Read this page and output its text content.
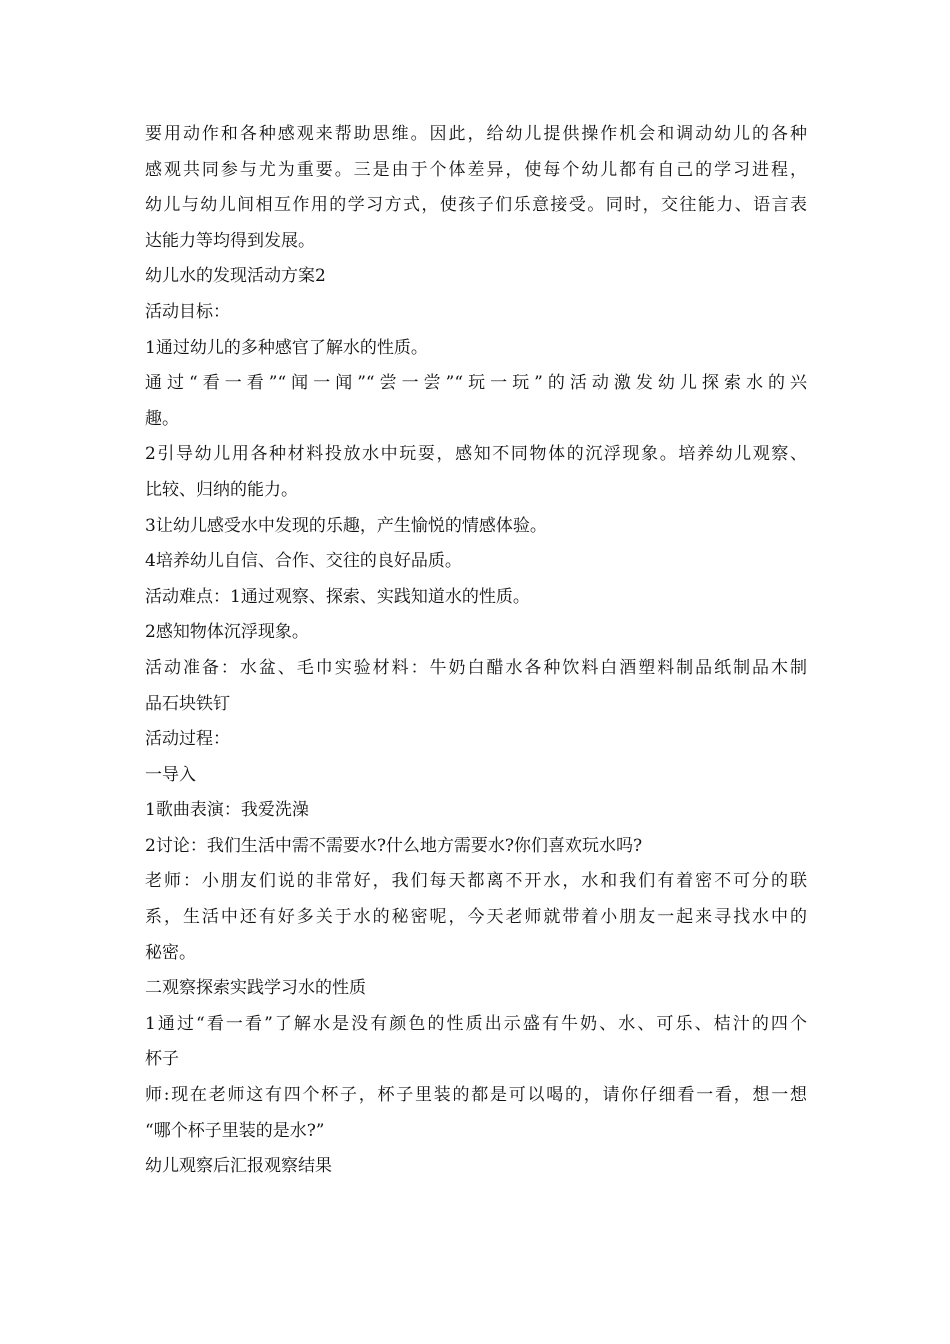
要用动作和各种感观来帮助思维。因此，给幼儿提供操作机会和调动幼儿的各种
感观共同参与尤为重要。三是由于个体差异，使每个幼儿都有自己的学习进程，
幼儿与幼儿间相互作用的学习方式，使孩子们乐意接受。同时，交往能力、语言表
达能力等均得到发展。
幼儿水的发现活动方案2
活动目标：
1通过幼儿的多种感官了解水的性质。
通过“看一看”“闻一闻”“尝一尝”“玩一玩”的活动激发幼儿探索水的兴
趣。
2引导幼儿用各种材料投放水中玩耍，感知不同物体的沉浮现象。培养幼儿观察、
比较、归纳的能力。
3让幼儿感受水中发现的乐趣，产生愉悦的情感体验。
4培养幼儿自信、合作、交往的良好品质。
活动难点：1通过观察、探索、实践知道水的性质。
2感知物体沉浮现象。
活动准备：水盆、毛巾实验材料：牛奶白醋水各种饮料白酒塑料制品纸制品木制
品石块铁钉
活动过程：
一导入
1歌曲表演：我爱洗澡
2讨论：我们生活中需不需要水?什么地方需要水?你们喜欢玩水吗?
老师：小朋友们说的非常好，我们每天都离不开水，水和我们有着密不可分的联
系，生活中还有好多关于水的秘密呢，今天老师就带着小朋友一起来寻找水中的
秘密。
二观察探索实践学习水的性质
1通过“看一看”了解水是没有颜色的性质出示盛有牛奶、水、可乐、桔汁的四个
杯子
师:现在老师这有四个杯子，杯子里装的都是可以喝的，请你仔细看一看，想一想
“哪个杯子里装的是水?”
幼儿观察后汇报观察结果
